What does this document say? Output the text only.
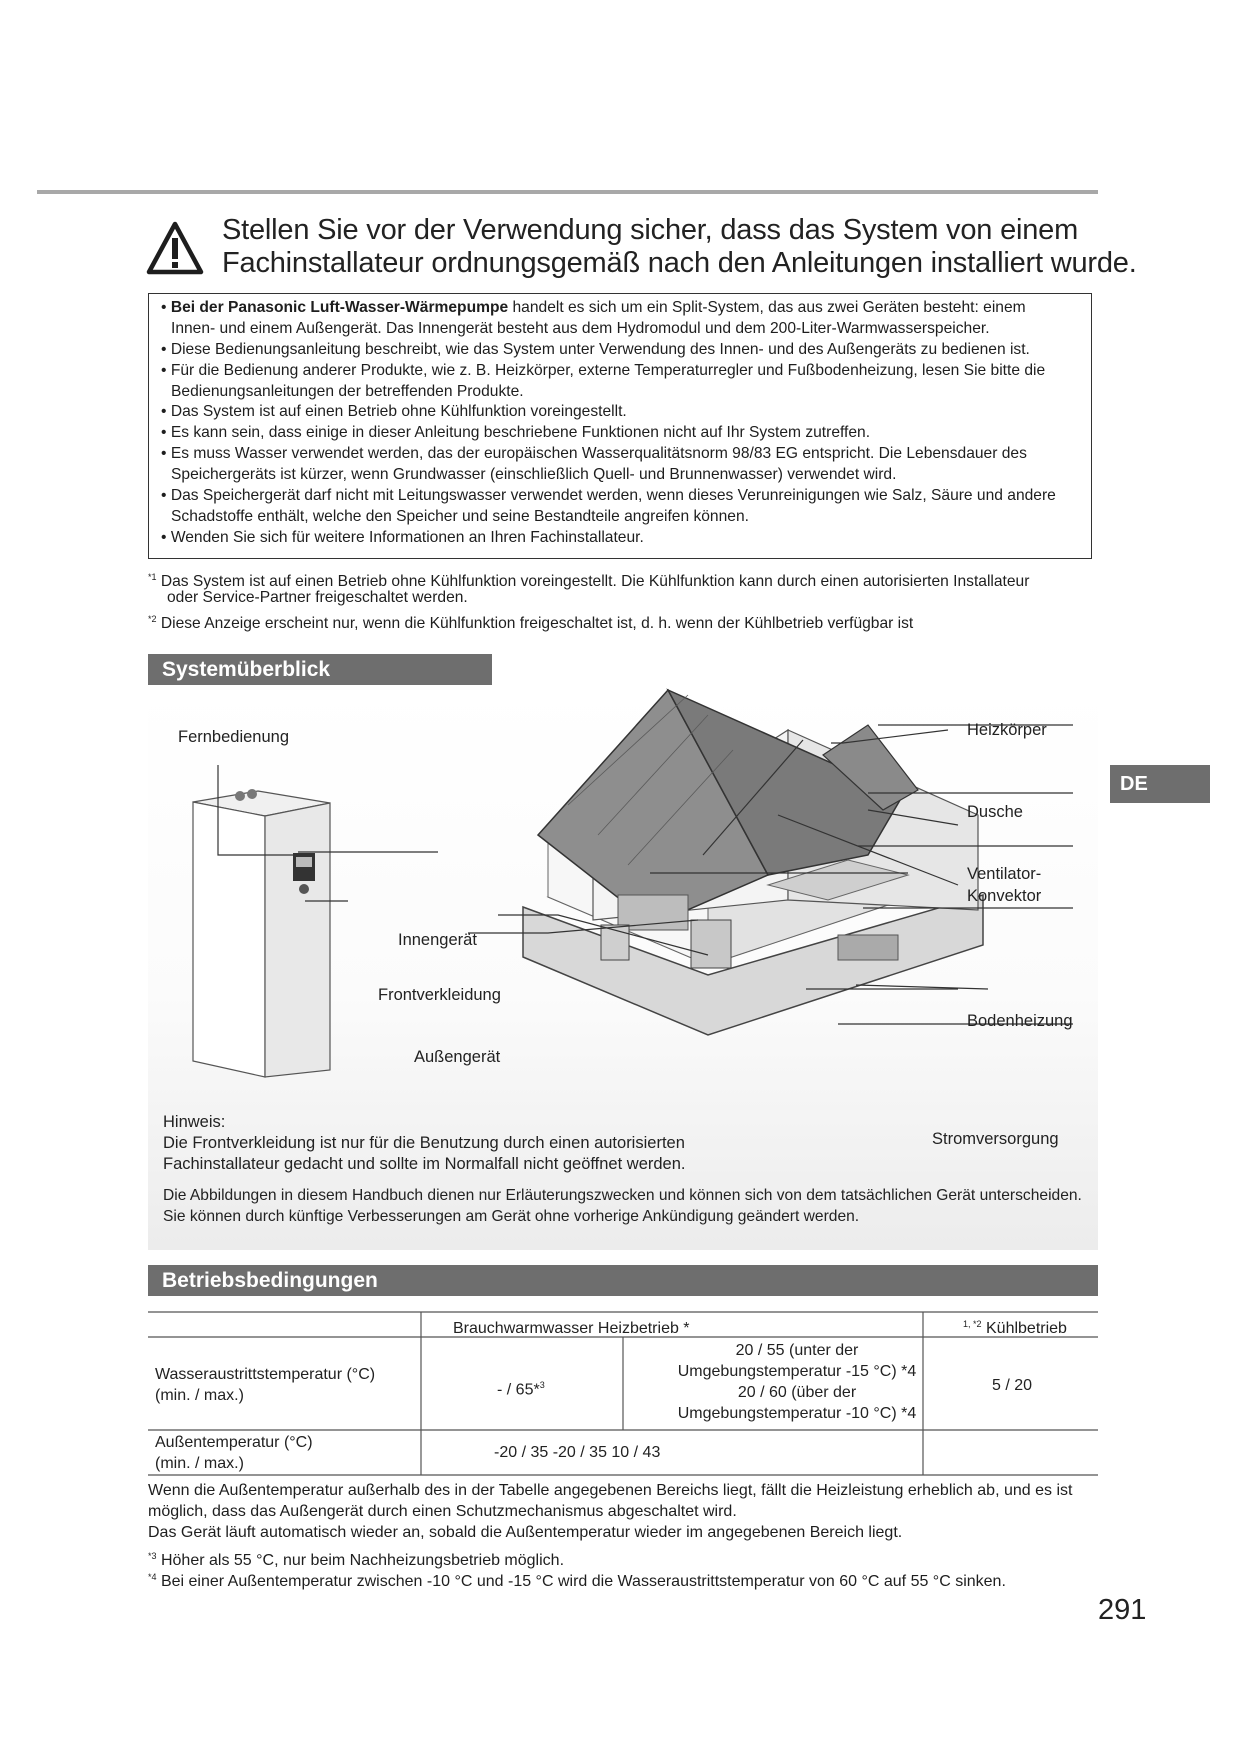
Stellen Sie vor der Verwendung sicher, dass das System von einem
Fachinstallateur ordnungsgemäß nach den Anleitungen installiert wurde.
• Bei der Panasonic Luft-Wasser-Wärmepumpe handelt es sich um ein Split-System, das aus zwei Geräten besteht: einem
Innen- und einem Außengerät. Das Innengerät besteht aus dem Hydromodul und dem 200-Liter-Warmwasserspeicher.
• Diese Bedienungsanleitung beschreibt, wie das System unter Verwendung des Innen- und des Außengeräts zu bedienen ist.
• Für die Bedienung anderer Produkte, wie z. B. Heizkörper, externe Temperaturregler und Fußbodenheizung, lesen Sie bitte die
Bedienungsanleitungen der betreffenden Produkte.
• Das System ist auf einen Betrieb ohne Kühlfunktion voreingestellt.
• Es kann sein, dass einige in dieser Anleitung beschriebene Funktionen nicht auf Ihr System zutreffen.
• Es muss Wasser verwendet werden, das der europäischen Wasserqualitätsnorm 98/83 EG entspricht. Die Lebensdauer des
Speichergeräts ist kürzer, wenn Grundwasser (einschließlich Quell- und Brunnenwasser) verwendet wird.
• Das Speichergerät darf nicht mit Leitungswasser verwendet werden, wenn dieses Verunreinigungen wie Salz, Säure und andere
Schadstoffe enthält, welche den Speicher und seine Bestandteile angreifen können.
• Wenden Sie sich für weitere Informationen an Ihren Fachinstallateur.
$^{*1}$ Das System ist auf einen Betrieb ohne Kühlfunktion voreingestellt. Die Kühlfunktion kann durch einen autorisierten Installateur
oder Service-Partner freigeschaltet werden.
$^{*2}$ Diese Anzeige erscheint nur, wenn die Kühlfunktion freigeschaltet ist, d. h. wenn der Kühlbetrieb verfügbar ist
Systemüberblick
Fernbedienung
Innengerät
Frontverkleidung
Außengerät
Heizkörper
Dusche
Ventilator-
Konvektor
Bodenheizung
Stromversorgung
Hinweis:
Die Frontverkleidung ist nur für die Benutzung durch einen autorisierten
Fachinstallateur gedacht und sollte im Normalfall nicht geöffnet werden.
Die Abbildungen in diesem Handbuch dienen nur Erläuterungszwecken und können sich von dem tatsächlichen Gerät unterscheiden.
Sie können durch künftige Verbesserungen am Gerät ohne vorherige Ankündigung geändert werden.
DE
Betriebsbedingungen
Brauchwarmwasser Heizbetrieb *	1, *2 Kühlbetrieb
Wasseraustrittstemperatur (°C)
(min. / max.)	- / 65*$^3$
20 / 55 (unter der
Umgebungstemperatur -15 °C) *4
20 / 60 (über der
Umgebungstemperatur -10 °C) *4
5 / 20
Außentemperatur (°C)
(min. / max.)
-20 / 35 -20 / 35 10 / 43
Wenn die Außentemperatur außerhalb des in der Tabelle angegebenen Bereichs liegt, fällt die Heizleistung erheblich ab, und es ist
möglich, dass das Außengerät durch einen Schutzmechanismus abgeschaltet wird.
Das Gerät läuft automatisch wieder an, sobald die Außentemperatur wieder im angegebenen Bereich liegt.
$^{*3}$ Höher als 55 °C, nur beim Nachheizungsbetrieb möglich.
$^{*4}$ Bei einer Außentemperatur zwischen -10 °C und -15 °C wird die Wasseraustrittstemperatur von 60 °C auf 55 °C sinken.
291
